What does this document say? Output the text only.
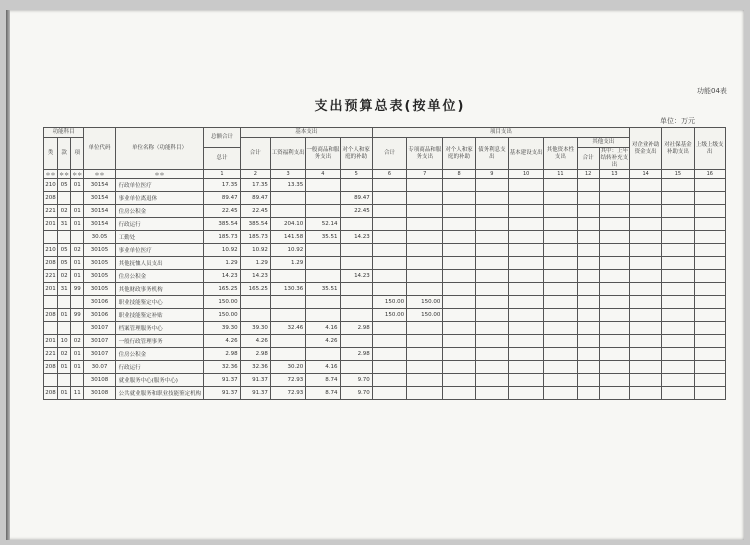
功能04表
支出预算总表(按单位)
单位：万元
功能科目			单位代码	单位名称（功能科目）	总额合计	基本支出				项目支出								对企业补助资金支出	对社保基金补助支出	上级上级支出
类	款	项				合计	工资福利支出	一般商品和服务支出	对个人和家庭的补助	合计	专项商品和服务支出	对个人和家庭的补助	债务利息支出	基本建设支出	其他资本性支出	其他支出				
					总计											合计	其中：上年结转补充支出			
＊＊	＊＊	＊＊	＊＊	＊＊	1	2	3	4	5	6	7	8	9	10	11	12	13	14	15	16
210	05	01	30154	行政单位医疗	17.35	17.35	13.35													
208			30154	事业单位离退休	89.47	89.47			89.47											
221	02	01	30154	住房公积金	22.45	22.45			22.45											
201	31	01	30154	行政运行	385.54	385.54	204.10	52.14												
			30.05	工勤处	185.73	185.73	141.58	35.51	14.23											
210	05	02	30105	事业单位医疗	10.92	10.92	10.92													
208	05	01	30105	其他抚恤人员支出	1.29	1.29	1.29													
221	02	01	30105	住房公积金	14.23	14.23			14.23											
201	31	99	30105	其他财政事务机构	165.25	165.25	130.36	35.51												
			30106	职业技能鉴定中心	150.00					150.00	150.00									
208	01	99	30106	职业技能鉴定补贴	150.00					150.00	150.00									
			30107	档案管理服务中心	39.30	39.30	32.46	4.16	2.98											
201	10	02	30107	一般行政管理事务	4.26	4.26		4.26												
221	02	01	30107	住房公积金	2.98	2.98			2.98											
208	01	01	30.07	行政运行	32.36	32.36	30.20	4.16												
			30108	就业服务中心(服务中心)	91.37	91.37	72.93	8.74	9.70											
208	01	11	30108	公共就业服务和职业技能鉴定机构	91.37	91.37	72.93	8.74	9.70											
